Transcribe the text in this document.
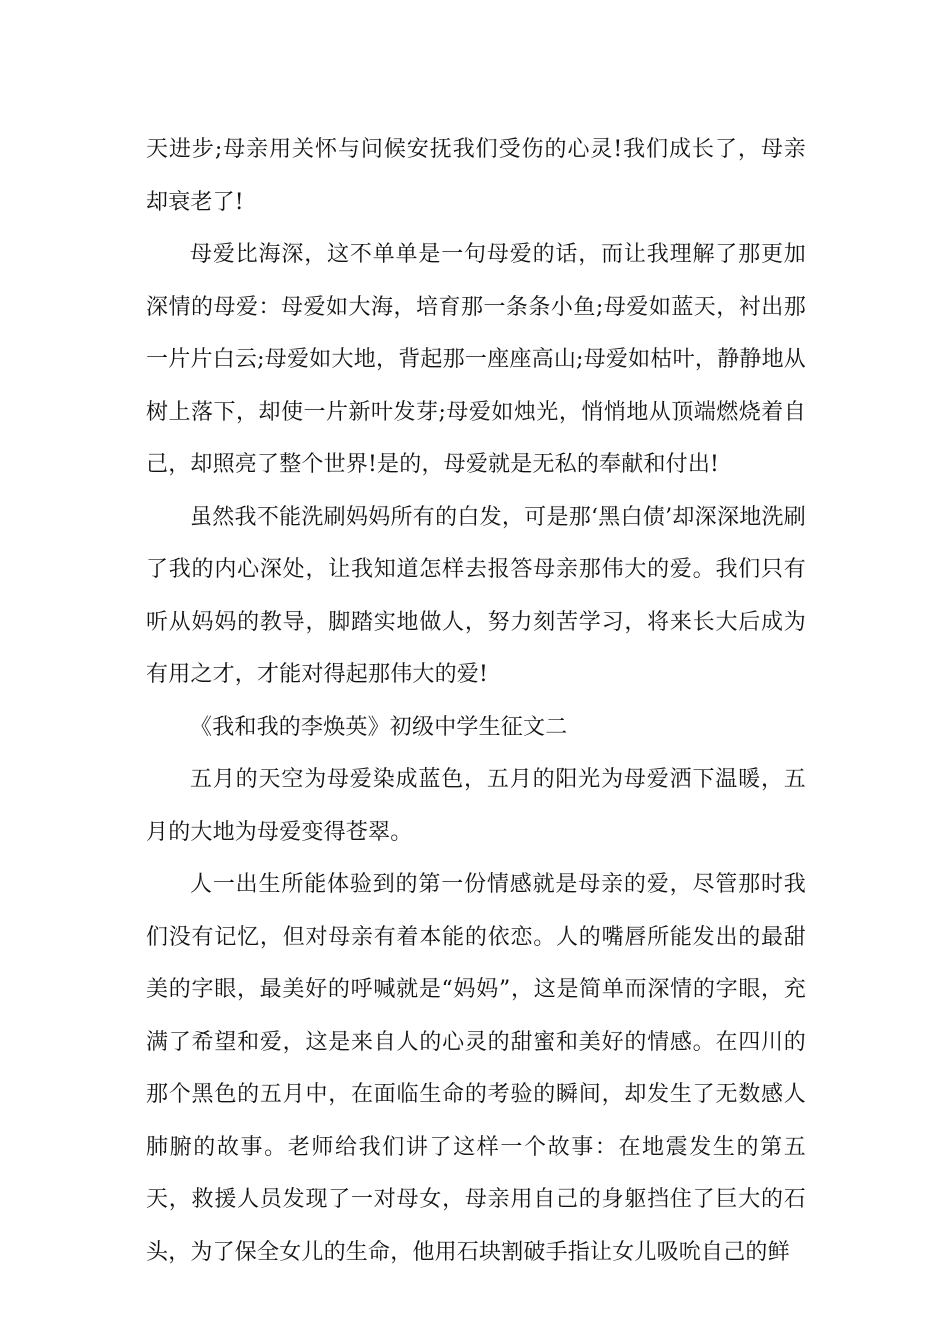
天进步;母亲用关怀与问候安抚我们受伤的心灵!我们成长了，母亲却衰老了!

母爱比海深，这不单单是一句母爱的话，而让我理解了那更加深情的母爱：母爱如大海，培育那一条条小鱼;母爱如蓝天，衬出那一片片白云;母爱如大地，背起那一座座高山;母爱如枯叶，静静地从树上落下，却使一片新叶发芽;母爱如烛光，悄悄地从顶端燃烧着自己，却照亮了整个世界!是的，母爱就是无私的奉献和付出!

虽然我不能洗刷妈妈所有的白发，可是那‘黑白债’却深深地洗刷了我的内心深处，让我知道怎样去报答母亲那伟大的爱。我们只有听从妈妈的教导，脚踏实地做人，努力刻苦学习，将来长大后成为有用之才，才能对得起那伟大的爱!

《我和我的李焕英》初级中学生征文二

五月的天空为母爱染成蓝色，五月的阳光为母爱洒下温暖，五月的大地为母爱变得苍翠。

人一出生所能体验到的第一份情感就是母亲的爱，尽管那时我们没有记忆，但对母亲有着本能的依恋。人的嘴唇所能发出的最甜美的字眼，最美好的呼喊就是“妈妈”，这是简单而深情的字眼，充满了希望和爱，这是来自人的心灵的甜蜜和美好的情感。在四川的那个黑色的五月中，在面临生命的考验的瞬间，却发生了无数感人肺腑的故事。老师给我们讲了这样一个故事：在地震发生的第五天，救援人员发现了一对母女，母亲用自己的身躯挡住了巨大的石头，为了保全女儿的生命，他用石块割破手指让女儿吸吮自己的鲜
